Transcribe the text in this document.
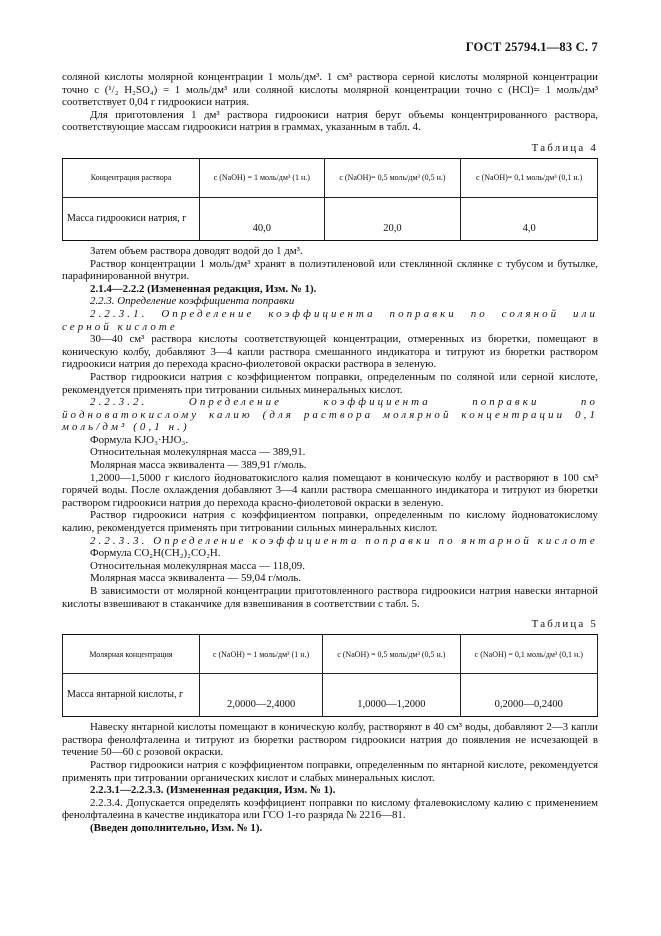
ГОСТ 25794.1—83 С. 7

соляной кислоты молярной концентрации 1 моль/дм³. 1 см³ раствора серной кислоты молярной концентрации точно c (¹/₂ H₂SO₄) = 1 моль/дм³ или соляной кислоты молярной концентрации точно c (HCl)= 1 моль/дм³ соответствует 0,04 г гидроокиси натрия.

Для приготовления 1 дм³ раствора гидроокиси натрия берут объемы концентрированного раствора, соответствующие массам гидроокиси натрия в граммах, указанным в табл. 4.

Таблица 4
Концентрация раствора	c (NaOH) = 1 моль/дм³ (1 н.)	c (NaOH)= 0,5 моль/дм³ (0,5 н.)	c (NaOH)= 0,1 моль/дм³ (0,1 н.)
Масса гидроокиси натрия, г	40,0	20,0	4,0

Затем объем раствора доводят водой до 1 дм³.

Раствор концентрации 1 моль/дм³ хранят в полиэтиленовой или стеклянной склянке с тубусом и бутылке, парафинированной внутри.

2.1.4—2.2.2 (Измененная редакция, Изм. № 1).

2.2.3. Определение коэффициента поправки

2.2.3.1. Определение коэффициента поправки по соляной или серной кислоте

30—40 см³ раствора кислоты соответствующей концентрации, отмеренных из бюретки, помещают в коническую колбу, добавляют 3—4 капли раствора смешанного индикатора и титруют из бюретки раствором гидроокиси натрия до перехода красно-фиолетовой окраски раствора в зеленую.

Раствор гидроокиси натрия с коэффициентом поправки, определенным по соляной или серной кислоте, рекомендуется применять при титровании сильных минеральных кислот.

2.2.3.2. Определение коэффициента поправки по йодноватокислому калию (для раствора молярной концентрации 0,1 моль/дм³ (0,1 н.)

Формула KJO₃·HJO₃.

Относительная молекулярная масса — 389,91.

Молярная масса эквивалента — 389,91 г/моль.

1,2000—1,5000 г кислого йодноватокислого калия помещают в коническую колбу и растворяют в 100 см³ горячей воды. После охлаждения добавляют 3—4 капли раствора смешанного индикатора и титруют из бюретки раствором гидроокиси натрия до перехода красно-фиолетовой окраски в зеленую.

Раствор гидроокиси натрия с коэффициентом поправки, определенным по кислому йодноватокислому калию, рекомендуется применять при титровании сильных минеральных кислот.

2.2.3.3. Определение коэффициента поправки по янтарной кислоте

Формула CO₂H(CH₂)₂CO₂H.

Относительная молекулярная масса — 118,09.

Молярная масса эквивалента — 59,04 г/моль.

В зависимости от молярной концентрации приготовленного раствора гидроокиси натрия навески янтарной кислоты взвешивают в стаканчике для взвешивания в соответствии с табл. 5.

Таблица 5
Молярная концентрация	c (NaOH) = 1 моль/дм³ (1 н.)	c (NaOH) = 0,5 моль/дм³ (0,5 н.)	c (NaOH) = 0,1 моль/дм³ (0,1 н.)
Масса янтарной кислоты, г	2,0000—2,4000	1,0000—1,2000	0,2000—0,2400

Навеску янтарной кислоты помещают в коническую колбу, растворяют в 40 см³ воды, добавляют 2—3 капли раствора фенолфталеина и титруют из бюретки раствором гидроокиси натрия до появления не исчезающей в течение 50—60 с розовой окраски.

Раствор гидроокиси натрия с коэффициентом поправки, определенным по янтарной кислоте, рекомендуется применять при титровании органических кислот и слабых минеральных кислот.

2.2.3.1—2.2.3.3. (Измененная редакция, Изм. № 1).

2.2.3.4. Допускается определять коэффициент поправки по кислому фталевокислому калию с применением фенолфталеина в качестве индикатора или ГСО 1-го разряда № 2216—81.

(Введен дополнительно, Изм. № 1).
